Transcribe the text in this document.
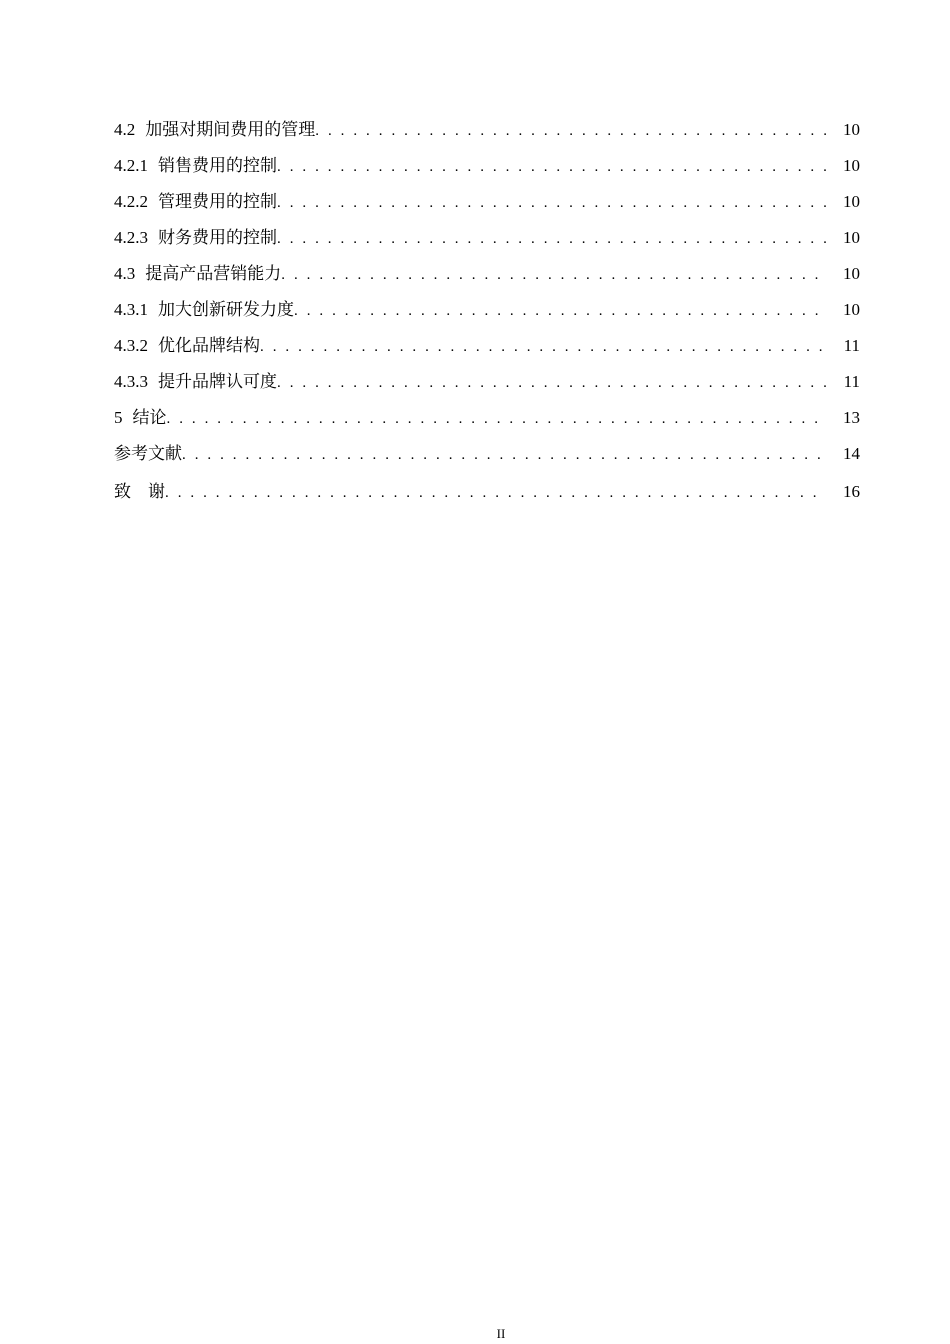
4.2 加强对期间费用的管理 . . .	10
4.2.1 销售费用的控制 . . .	10
4.2.2 管理费用的控制 . . .	10
4.2.3 财务费用的控制 . . .	10
4.3 提高产品营销能力 . . .	10
4.3.1 加大创新研发力度 . . .	10
4.3.2 优化品牌结构 . . .	11
4.3.3 提升品牌认可度 . . .	11
5 结论 . . .	13
参考文献 . . .	14
致　谢 . . .	16
II
